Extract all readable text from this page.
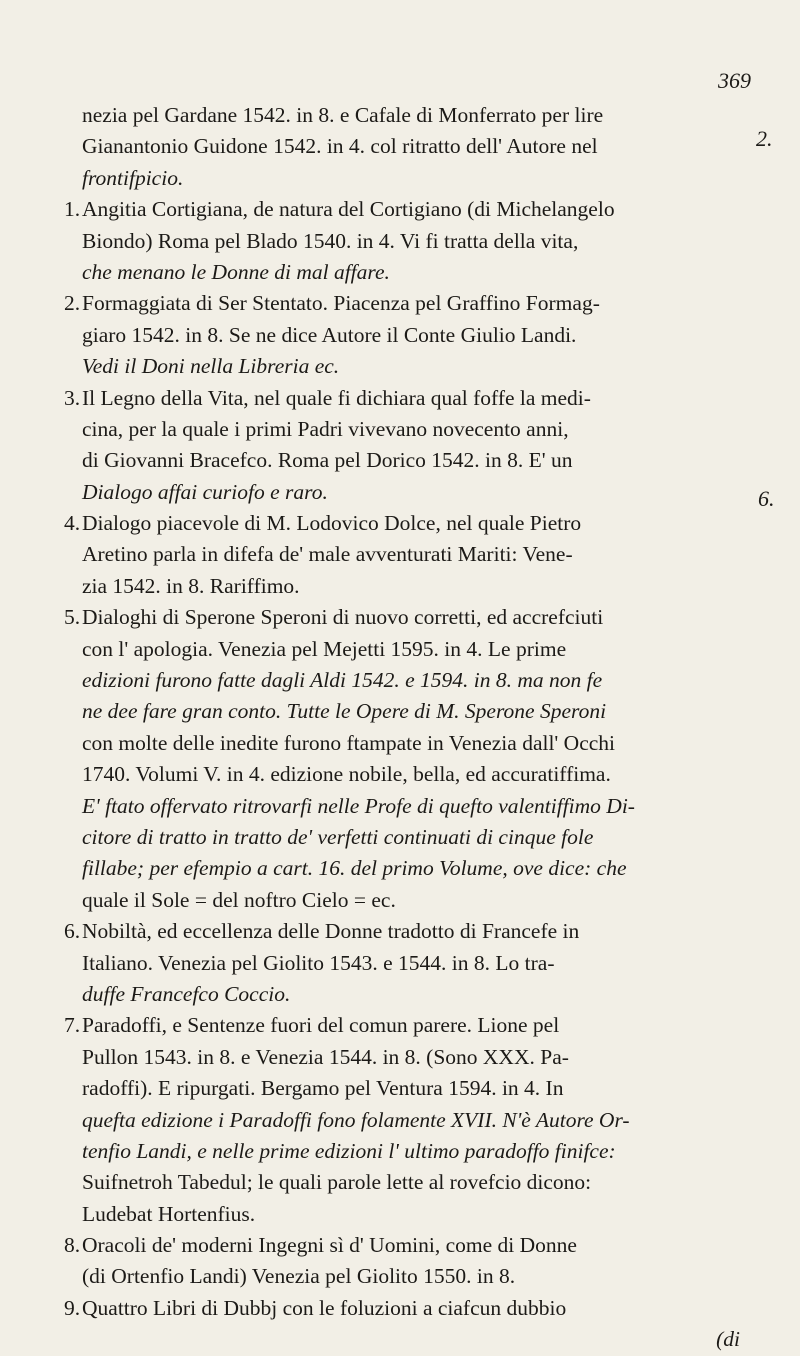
369
2.
6.
nezia pel Gardane 1542. in 8. e Cafale di Monferrato per lire
Gianantonio Guidone 1542. in 4. col ritratto dell' Autore nel
frontifpicio.
1.Angitia Cortigiana, de natura del Cortigiano (di Michelangelo
Biondo) Roma pel Blado 1540. in 4. Vi fi tratta della vita,
che menano le Donne di mal affare.
2.Formaggiata di Ser Stentato. Piacenza pel Graffino Formag-
giaro 1542. in 8. Se ne dice Autore il Conte Giulio Landi.
Vedi il Doni nella Libreria ec.
3.Il Legno della Vita, nel quale fi dichiara qual foffe la medi-
cina, per la quale i primi Padri vivevano novecento anni,
di Giovanni Bracefco. Roma pel Dorico 1542. in 8. E' un
Dialogo affai curiofo e raro.
4.Dialogo piacevole di M. Lodovico Dolce, nel quale Pietro
Aretino parla in difefa de' male avventurati Mariti: Vene-
zia 1542. in 8. Rariffimo.
5.Dialoghi di Sperone Speroni di nuovo corretti, ed accrefciuti
con l' apologia. Venezia pel Mejetti 1595. in 4. Le prime
edizioni furono fatte dagli Aldi 1542. e 1594. in 8. ma non fe
ne dee fare gran conto. Tutte le Opere di M. Sperone Speroni
con molte delle inedite furono ftampate in Venezia dall' Occhi
1740. Volumi V. in 4. edizione nobile, bella, ed accuratiffima.
E' ftato offervato ritrovarfi nelle Profe di quefto valentiffimo Di-
citore di tratto in tratto de' verfetti continuati di cinque fole
fillabe; per efempio a cart. 16. del primo Volume, ove dice: che
quale il Sole = del noftro Cielo = ec.
6.Nobiltà, ed eccellenza delle Donne tradotto di Francefe in
Italiano. Venezia pel Giolito 1543. e 1544. in 8. Lo tra-
duffe Francefco Coccio.
7.Paradoffi, e Sentenze fuori del comun parere. Lione pel
Pullon 1543. in 8. e Venezia 1544. in 8. (Sono XXX. Pa-
radoffi). E ripurgati. Bergamo pel Ventura 1594. in 4. In
quefta edizione i Paradoffi fono folamente XVII. N'è Autore Or-
tenfio Landi, e nelle prime edizioni l' ultimo paradoffo finifce:
Suifnetroh Tabedul; le quali parole lette al rovefcio dicono:
Ludebat Hortenfius.
8.Oracoli de' moderni Ingegni sì d' Uomini, come di Donne
(di Ortenfio Landi) Venezia pel Giolito 1550. in 8.
9.Quattro Libri di Dubbj con le foluzioni a ciafcun dubbio
(di
